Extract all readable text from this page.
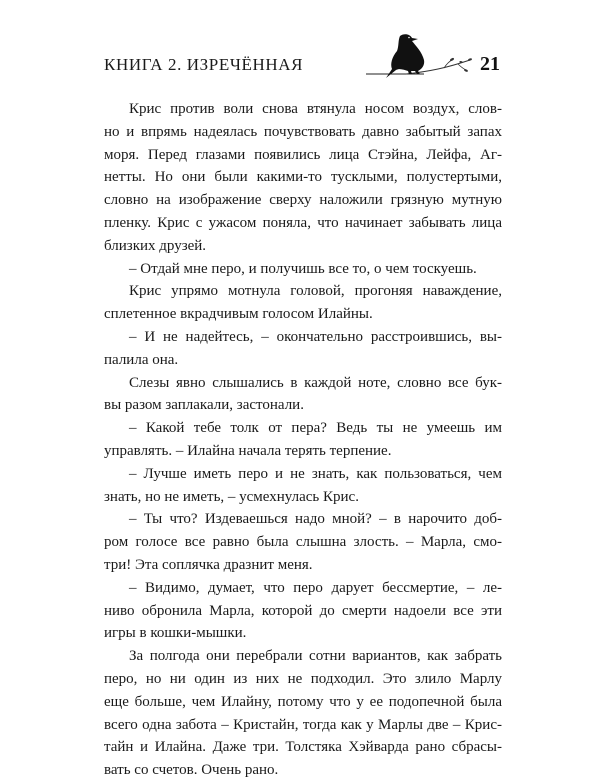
КНИГА 2. ИЗРЕЧЁННАЯ	21
Крис против воли снова втянула носом воздух, слов-
но и впрямь надеялась почувствовать давно забытый запах
моря. Перед глазами появились лица Стэйна, Лейфа, Аг-
нетты. Но они были какими-то тусклыми, полустертыми,
словно на изображение сверху наложили грязную мутную
пленку. Крис с ужасом поняла, что начинает забывать лица
близких друзей.
– Отдай мне перо, и получишь все то, о чем тоскуешь.
Крис упрямо мотнула головой, прогоняя наваждение,
сплетенное вкрадчивым голосом Илайны.
– И не надейтесь, – окончательно расстроившись, вы-
палила она.
Слезы явно слышались в каждой ноте, словно все бук-
вы разом заплакали, застонали.
– Какой тебе толк от пера? Ведь ты не умеешь им
управлять. – Илайна начала терять терпение.
– Лучше иметь перо и не знать, как пользоваться, чем
знать, но не иметь, – усмехнулась Крис.
– Ты что? Издеваешься надо мной? – в нарочито доб-
ром голосе все равно была слышна злость. – Марла, смо-
три! Эта соплячка дразнит меня.
– Видимо, думает, что перо дарует бессмертие, – ле-
ниво обронила Марла, которой до смерти надоели все эти
игры в кошки-мышки.
За полгода они перебрали сотни вариантов, как забрать
перо, но ни один из них не подходил. Это злило Марлу
еще больше, чем Илайну, потому что у ее подопечной была
всего одна забота – Кристайн, тогда как у Марлы две – Крис-
тайн и Илайна. Даже три. Толстяка Хэйварда рано сбрасы-
вать со счетов. Очень рано.
